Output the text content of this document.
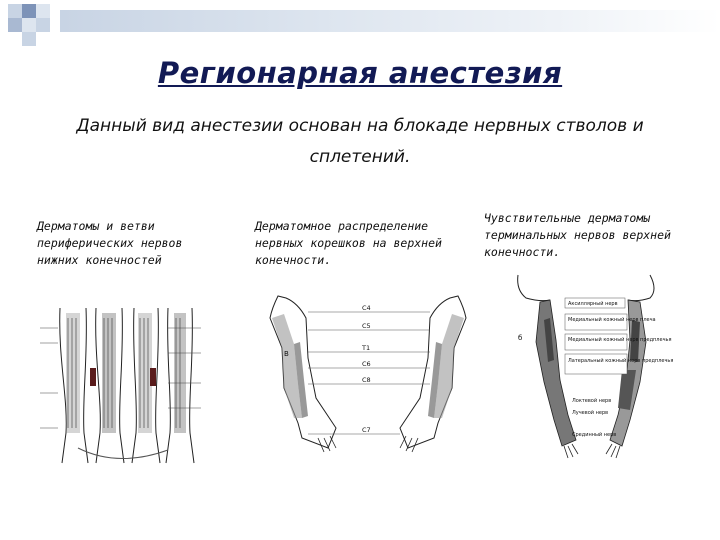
Регионарная анестезия
Данный вид анестезии основан на блокаде нервных стволов и сплетений.
Дерматомы и ветви
периферических нервов
нижних конечностей
Дерматомное распределение
нервных корешков на верхней
конечности.
Чувствительные дерматомы
терминальных нервов верхней
конечности.
C4
C5
T1
C6
C8
C7
В
Аксиллярный нерв
Медиальный кожный нерв плеча
Медиальный кожный нерв предплечья
Латеральный кожный нерв предплечья
Локтевой нерв
Лучевой нерв
Срединный нерв
б
